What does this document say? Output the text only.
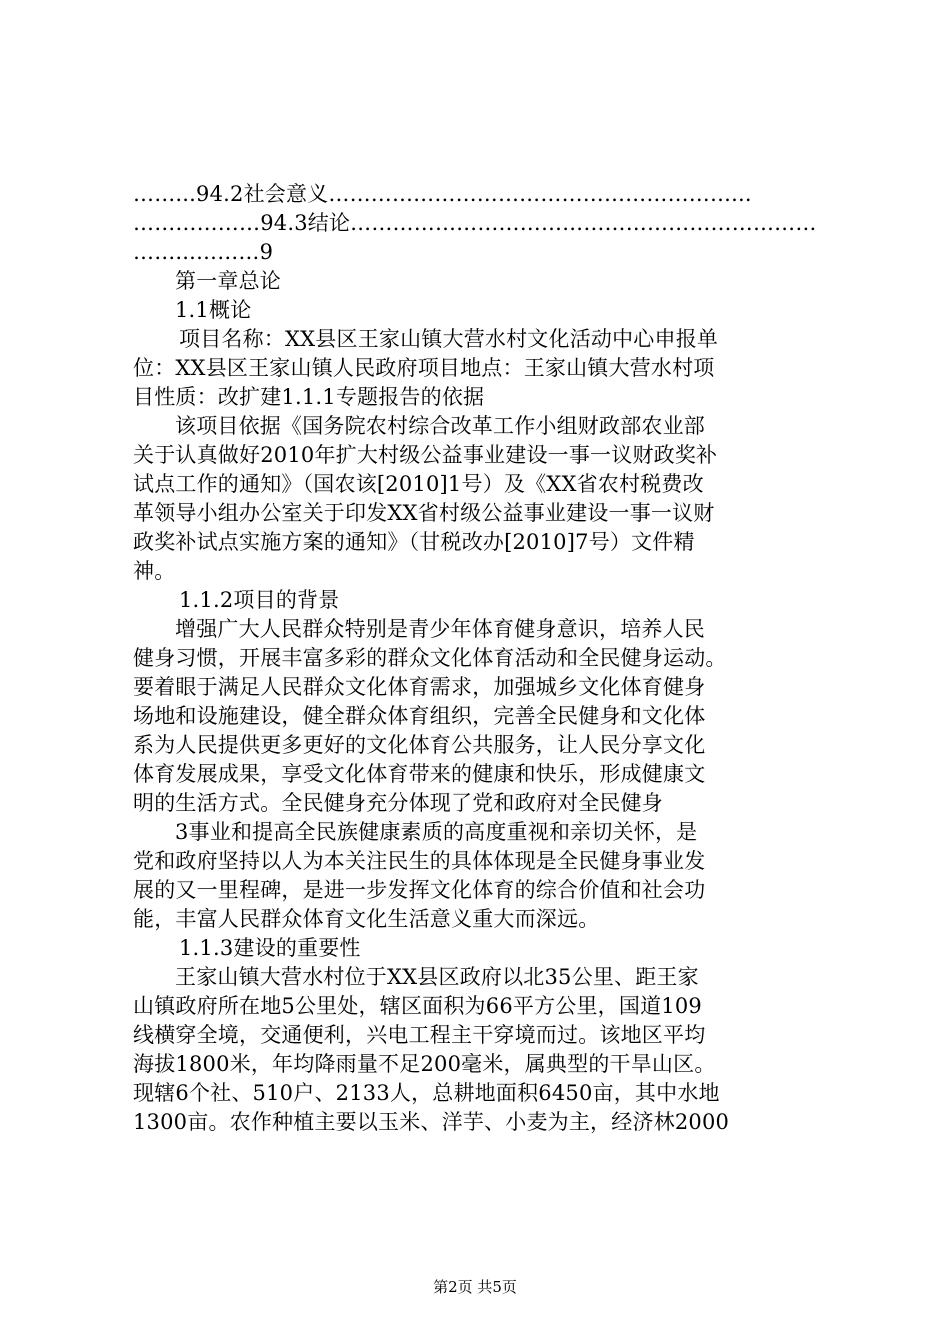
……...94.2社会意义…………………………………………………...
………………94.3结论…………………………………………………………
……...………9
第一章总论
1.1概论
项目名称：XX县区王家山镇大营水村文化活动中心申报单
位：XX县区王家山镇人民政府项目地点：王家山镇大营水村项
目性质：改扩建1.1.1专题报告的依据
该项目依据《国务院农村综合改革工作小组财政部农业部
关于认真做好2010年扩大村级公益事业建设一事一议财政奖补
试点工作的通知》（国农该[2010]1号）及《XX省农村税费改
革领导小组办公室关于印发XX省村级公益事业建设一事一议财
政奖补试点实施方案的通知》（甘税改办[2010]7号）文件精
神。
1.1.2项目的背景
增强广大人民群众特别是青少年体育健身意识，培养人民
健身习惯，开展丰富多彩的群众文化体育活动和全民健身运动。
要着眼于满足人民群众文化体育需求，加强城乡文化体育健身
场地和设施建设，健全群众体育组织，完善全民健身和文化体
系为人民提供更多更好的文化体育公共服务，让人民分享文化
体育发展成果，享受文化体育带来的健康和快乐，形成健康文
明的生活方式。全民健身充分体现了党和政府对全民健身
3事业和提高全民族健康素质的高度重视和亲切关怀，是
党和政府坚持以人为本关注民生的具体体现是全民健身事业发
展的又一里程碑，是进一步发挥文化体育的综合价值和社会功
能，丰富人民群众体育文化生活意义重大而深远。
1.1.3建设的重要性
王家山镇大营水村位于XX县区政府以北35公里、距王家
山镇政府所在地5公里处，辖区面积为66平方公里，国道109
线横穿全境，交通便利，兴电工程主干穿境而过。该地区平均
海拔1800米，年均降雨量不足200毫米，属典型的干旱山区。
现辖6个社、510户、2133人，总耕地面积6450亩，其中水地
1300亩。农作种植主要以玉米、洋芋、小麦为主，经济林2000
第2页 共5页
